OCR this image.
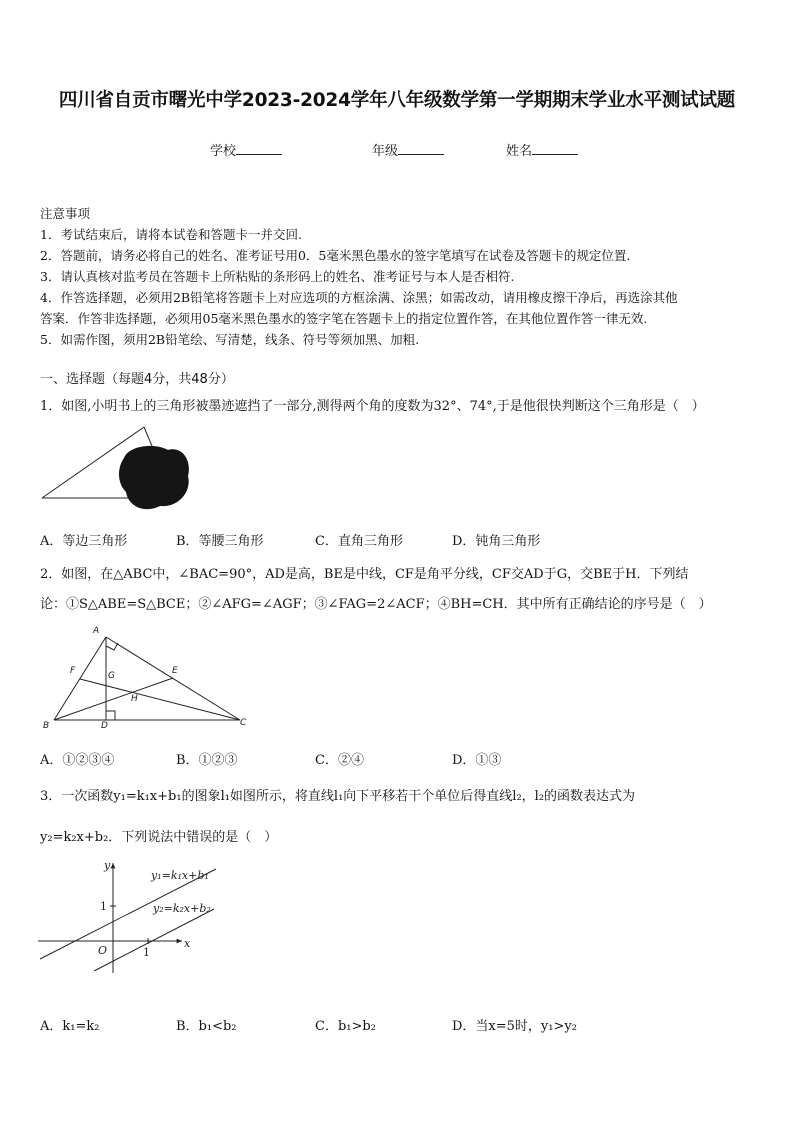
四川省自贡市曙光中学2023-2024学年八年级数学第一学期期末学业水平测试试题
学校	年级	姓名
注意事项
1．考试结束后，请将本试卷和答题卡一并交回.
2．答题前，请务必将自己的姓名、准考证号用0．5毫米黑色墨水的签字笔填写在试卷及答题卡的规定位置.
3．请认真核对监考员在答题卡上所粘贴的条形码上的姓名、准考证号与本人是否相符.
4．作答选择题，必须用2B铅笔将答题卡上对应选项的方框涂满、涂黑；如需改动，请用橡皮擦干净后，再选涂其他
答案．作答非选择题，必须用05毫米黑色墨水的签字笔在答题卡上的指定位置作答，在其他位置作答一律无效.
5．如需作图，须用2B铅笔绘、写清楚，线条、符号等须加黑、加粗.
一、选择题（每题4分，共48分）
1．如图,小明书上的三角形被墨迹遮挡了一部分,测得两个角的度数为32°、74°,于是他很快判断这个三角形是（　）
A．等边三角形	B．等腰三角形	C．直角三角形	D．钝角三角形
2．如图，在△ABC中，∠BAC=90°，AD是高，BE是中线，CF是角平分线，CF交AD于G，交BE于H．下列结
论：①S△ABE=S△BCE；②∠AFG=∠AGF；③∠FAG=2∠ACF；④BH=CH．其中所有正确结论的序号是（　）
A
B	C
D
E
F	G
H
A．①②③④	B．①②③	C．②④	D．①③
3．一次函数y₁=k₁x+b₁的图象l₁如图所示，将直线l₁向下平移若干个单位后得直线l₂，l₂的函数表达式为
y₂=k₂x+b₂．下列说法中错误的是（　）
y
x
O
1
1
y₁=k₁x+b₁
y₂=k₂x+b₂
A．k₁=k₂	B．b₁<b₂	C．b₁>b₂	D．当x=5时，y₁>y₂
